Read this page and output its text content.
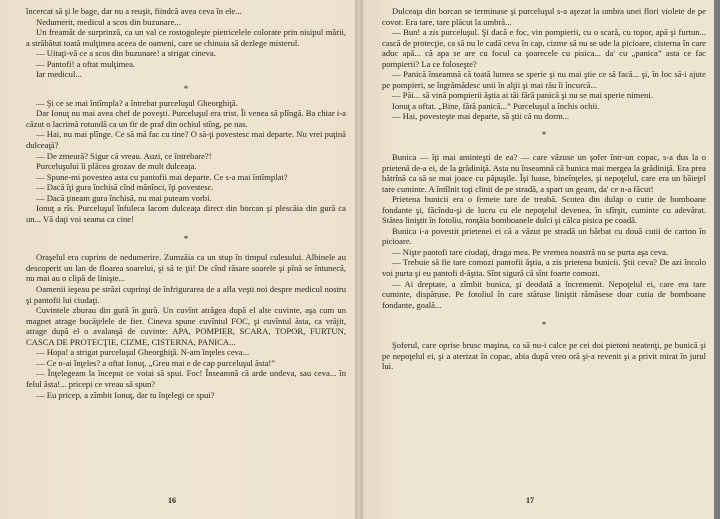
încercat să şi le bage, dar nu a reuşit, fiindcă avea ceva în ele...

Nedumerit, medicul a scos din buzunare...

Un freamăt de surprinză, ca un val ce rostogoleşte pietricelele colorate prin nisipul mării, a străbătut toată mulţimea aceea de oameni, care se chinuia să dezlege misterul.

— Uitaţi-vă ce a scos din buzunare! a strigat cineva.

— Pantofi! a oftat mulţimea.

Iar medicul...

*

— Şi ce se mai întîmpla? a întrebat purceluşul Gheorghiţă.

Dar Ionuţ nu mai avea chef de poveşti. Purceluşul era trist. Îi venea să plîngă. Ba chiar i-a căzut o lacrimă rotundă ca un fir de praf din ochiul stîng, pe nas.

— Hai, nu mai plînge. Ce să mă fac cu tine? O să-ţi povestesc mai departe. Nu vrei puţină dulceaţă?

— De zmeură? Sigur că vreau. Auzi, ce întrebare?!

Purceluşului îi plăcea grozav de mult dulceaţa.

— Spune-mi povestea asta cu pantofii mai departe. Ce s-a mai întîmplat?

— Dacă îţi gura închisă cînd mănînci, îţi povestesc.

— Dacă ţineam gura închisă, nu mai puteam vorbi.

Ionuţ a rîs. Purceluşul înfuleca lacom dulceaţa direct din borcan şi plescăia din gură ca un... Vă daţi voi seama ca cine!

*

Oraşelul era cuprins de nedumerire. Zumzăia ca un stup în timpul culesului. Albinele au descoperit un lan de floarea soarelui, şi să te ţii! De cînd răsare soarele şi pînă se întunecă, nu mai au o clipă de linişte...

Oamenii ieşeau pe străzi cuprinşi de înfrigurarea de a afla veşti noi despre medicul nostru şi pantofii lui ciudaţi.

Cuvintele zburau din gură în gură. Un cuvînt atrăgea după el alte cuvinte, aşa cum un magnet atrage bucăţelele de fier. Cineva spune cuvîntul FOC, şi cuvîntul ăsta, ca vrăjit, atrage după el o avalanşă de cuvinte: APA, POMPIER, SCARA, TOPOR, FURTUN, CASCA DE PROTECŢIE, CIZME, CISTERNA, PANICA...

— Hopa! a strigat purceluşul Gheorghiţă. N-am înţeles ceva...

— Ce n-ai înţeles? a oftat Ionuţ. „Greu mai e de cap purceluşul ăsta!”

— Înţelegeam la început ce voiai să spui. Foc! Înseamnă că arde undeva, sau ceva... în felul ăsta!... pricepi ce vreau să spun?

— Eu pricep, a zîmbit Ionuţ, dar tu înţelegi ce spui?

16

Dulceaţa din borcan se terminase şi purceluşul s-a aşezat la umbra unei flori violete de pe covor. Era tare, tare plăcut la umbră...

— Bun! a zis purceluşul. Şi dacă e foc, vin pompierii, cu o scară, cu topor, apă şi furtun... cască de protecţie, ca să nu le cadă ceva în cap, cizme să nu se ude la picioare, cisterna în care aduc apă... că apa se are cu focul ca şoarecele cu pisica... da' cu „panica” asta ce fac pompierii? La ce foloseşte?

— Panică înseamnă că toată lumea se sperie şi nu mai ştie ce să facă... şi, în loc să-i ajute pe pompieri, se îngrămădesc unii în alţii şi mai rău îi încurcă...

— Păi... să vină pompierii ăştia ai tăi fără panică şi nu se mai sperie nimeni.

Ionuţ a oftat. „Bine, fără panică...” Purceluşul a închis ochii.

— Hai, povesteşte mai departe, să ştii că nu dorm...

*

Bunica — îţi mai aminteşti de ea? — care văzuse un şofer într-un copac, s-a dus la o prietenă de-a ei, de la grădiniţă. Asta nu înseamnă că bunica mai mergea la grădiniţă. Era prea bătrînă ca să se mai joace cu păpuşile. Îşi luase, bineînţeles, şi nepoţelul, care era un băieţel tare cuminte. A întîlnit toţi clinii de pe stradă, a spart un geam, da' ce n-a făcut!

Prietena bunicii era o femeie tare de treabă. Scotea din dulap o cutie de bomboane fondante şi, făcîndu-şi de lucru cu ele nepoţelul devenea, în sfîrşit, cuminte cu adevărat. Stătea liniştit în fotoliu, ronţăia bomboanele dulci şi călca pisica pe coadă.

Bunica i-a povestit prietenei ei că a văzut pe stradă un bărbat cu două cutii de carton în picioare.

— Nişte pantofi tare ciudaţi, draga mea. Pe vremea noastră nu se purta aşa ceva.

— Trebuie să fie tare comozi pantofii ăştia, a zis prietena bunicii. Ştii ceva? De azi încolo voi purta şi eu pantofi d-ăştia. Sînt sigură că sînt foarte comozi.

— Ai dreptate, a zîmbit bunica, şi deodată a încremenit. Nepoţelul ei, care era tare cuminte, dispăruse. Pe fotoliul în care stătuse liniştit rămăsese doar cutia de bomboane fondante, goală...

*

Şoferul, care oprise brusc maşina, ca să nu-i calce pe cei doi pietoni neatenţi, pe bunică şi pe nepoţelul ei, şi a aterizat în copac, abia după vreo oră şi-a revenit şi a privit mirat în jurul lui.

17
